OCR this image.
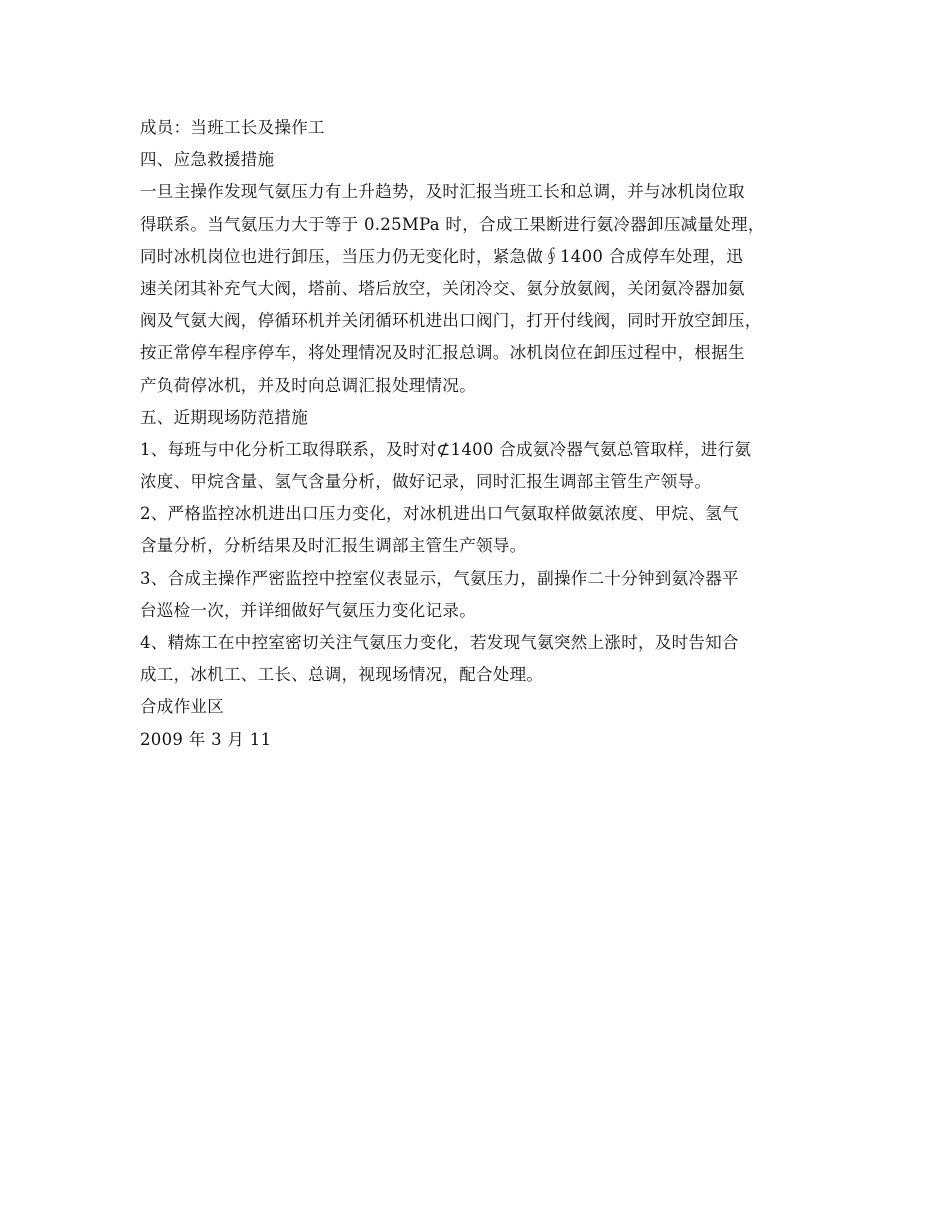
成员：当班工长及操作工
四、应急救援措施
一旦主操作发现气氨压力有上升趋势，及时汇报当班工长和总调，并与冰机岗位取
得联系。当气氨压力大于等于 0.25MPa 时，合成工果断进行氨冷器卸压减量处理，
同时冰机岗位也进行卸压，当压力仍无变化时，紧急做∮1400 合成停车处理，迅
速关闭其补充气大阀，塔前、塔后放空，关闭冷交、氨分放氨阀，关闭氨冷器加氨
阀及气氨大阀，停循环机并关闭循环机进出口阀门，打开付线阀，同时开放空卸压，
按正常停车程序停车，将处理情况及时汇报总调。冰机岗位在卸压过程中，根据生
产负荷停冰机，并及时向总调汇报处理情况。
五、近期现场防范措施
1、每班与中化分析工取得联系，及时对⊄1400 合成氨冷器气氨总管取样，进行氨
浓度、甲烷含量、氢气含量分析，做好记录，同时汇报生调部主管生产领导。
2、严格监控冰机进出口压力变化，对冰机进出口气氨取样做氨浓度、甲烷、氢气
含量分析，分析结果及时汇报生调部主管生产领导。
3、合成主操作严密监控中控室仪表显示，气氨压力，副操作二十分钟到氨冷器平
台巡检一次，并详细做好气氨压力变化记录。
4、精炼工在中控室密切关注气氨压力变化，若发现气氨突然上涨时，及时告知合
成工，冰机工、工长、总调，视现场情况，配合处理。
合成作业区
2009 年 3 月 11
